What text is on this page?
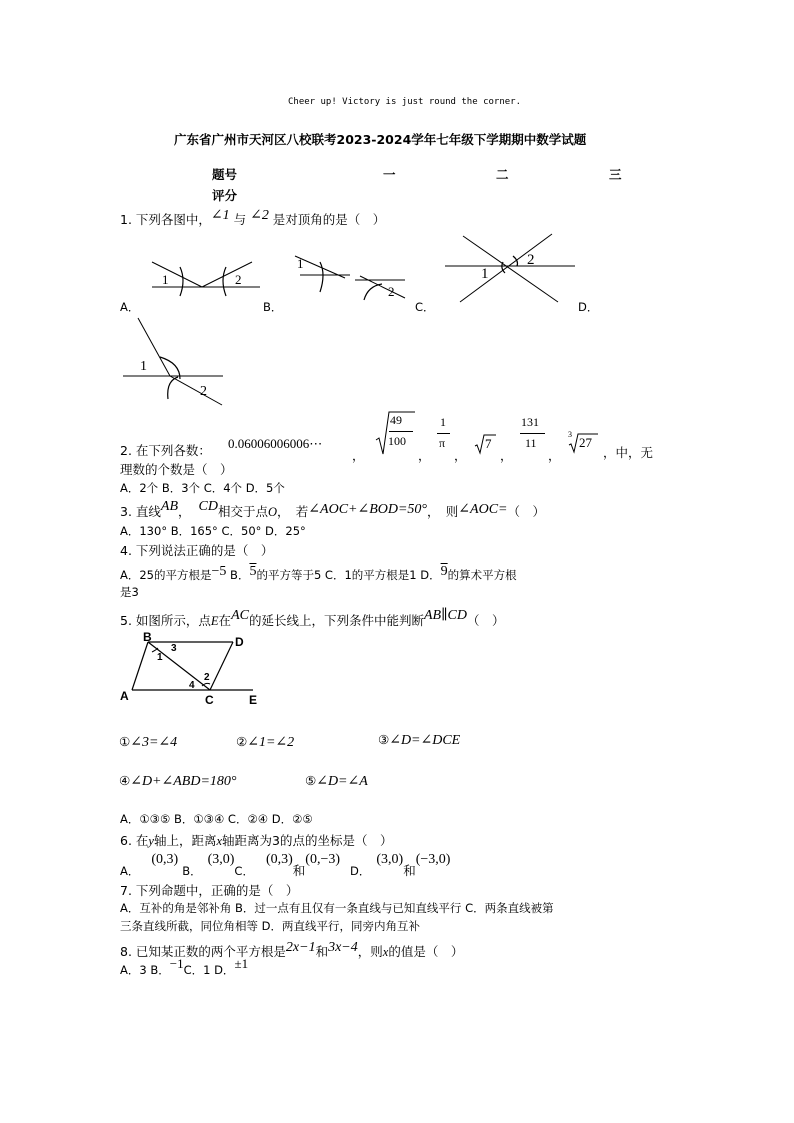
Cheer up! Victory is just round the corner.
广东省广州市天河区八校联考2023-2024学年七年级下学期期中数学试题
题号	一	二	三
评分
1. 下列各图中，∠1 与 ∠2 是对顶角的是（　）
1	2
A．
1
2
B．
1
2
C．	D．
1
2
2. 在下列各数： 0.06006006006⋯
，
49
100
，
1
π
，
7
，
131
11
，
3
27
，中，无
理数的个数是（　）
A．2个 B．3个 C．4个 D．5个
3. 直线AB， CD相交于点O，　若∠AOC+∠BOD=50°，　则∠AOC=（　）
A．130° B．165° C．50° D．25°
4. 下列说法正确的是（　）
A．25的平方根是−5 B．5的平方等于5 C．1的平方根是1 D．9的算术平方根
是3
5. 如图所示，点E在AC的延长线上，下列条件中能判断AB∥CD（　）
B	D
A	C	E
1
3
2
4
①∠3=∠4	②∠1=∠2	③∠D=∠DCE
④∠D+∠ABD=180°	⑤∠D=∠A
A．①③⑤ B．①③④ C．②④ D．②⑤
6. 在y轴上，距离x轴距离为3的点的坐标是（　）
$_{A.}(0,3)_{B.}(3,0)_{C.}(0,3)_和(0,-3)_{D.}(3,0)_和(-3,0)$
7. 下列命题中，正确的是（　）
A．互补的角是邻补角 B．过一点有且仅有一条直线与已知直线平行 C．两条直线被第
三条直线所截，同位角相等 D．两直线平行，同旁内角互补
8. 已知某正数的两个平方根是2x−1和3x−4，则x的值是（　）
A．3 B．−1C．1 D．±1
